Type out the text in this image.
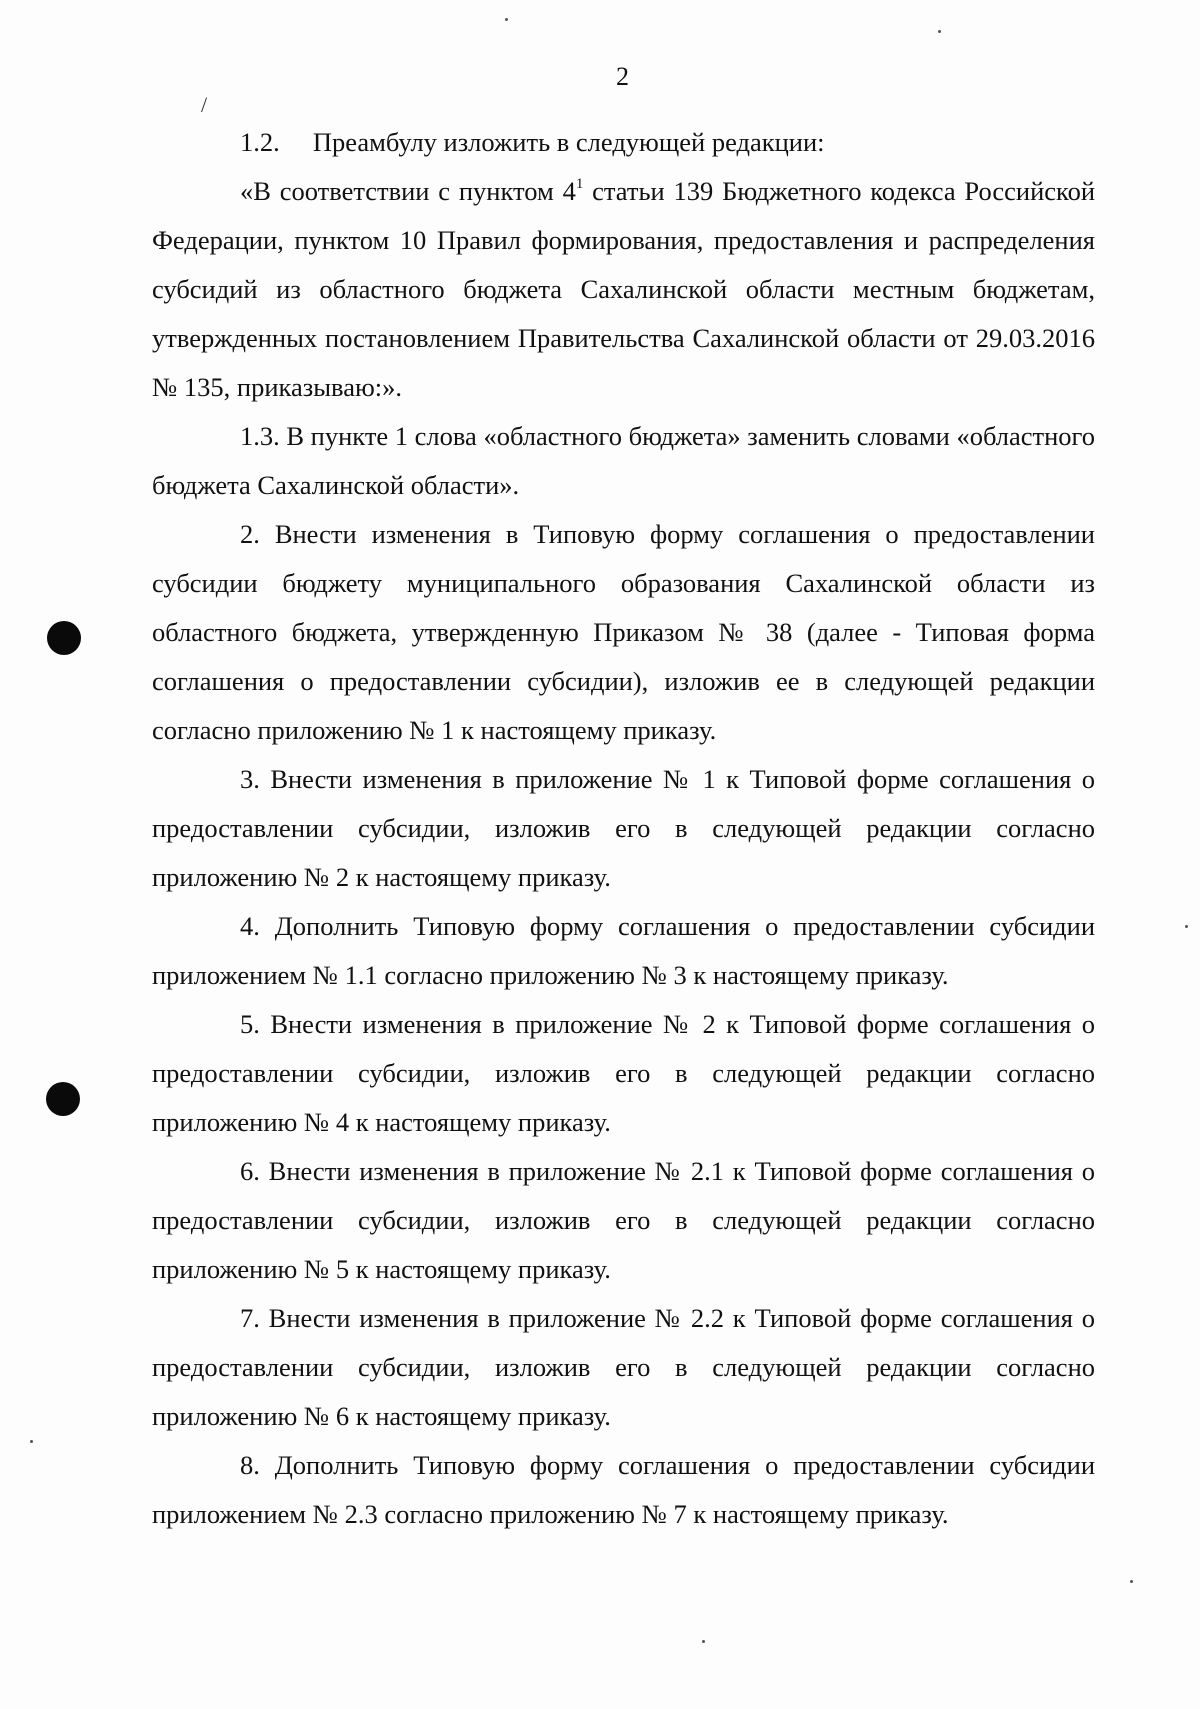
2
/

1.2.     Преамбулу изложить в следующей редакции:

«В соответствии с пунктом $4^1$ статьи 139 Бюджетного кодекса Российской Федерации, пунктом 10 Правил формирования, предоставления и распределения субсидий из областного бюджета Сахалинской области местным бюджетам, утвержденных постановлением Правительства Сахалинской области от 29.03.2016 № 135, приказываю:».

1.3. В пункте 1 слова «областного бюджета» заменить словами «областного бюджета Сахалинской области».

2. Внести изменения в Типовую форму соглашения о предоставлении субсидии бюджету муниципального образования Сахалинской области из областного бюджета, утвержденную Приказом № 38 (далее - Типовая форма соглашения о предоставлении субсидии), изложив ее в следующей редакции согласно приложению № 1 к настоящему приказу.

3. Внести изменения в приложение № 1 к Типовой форме соглашения о предоставлении субсидии, изложив его в следующей редакции согласно приложению № 2 к настоящему приказу.

4. Дополнить Типовую форму соглашения о предоставлении субсидии приложением № 1.1 согласно приложению № 3 к настоящему приказу.

5. Внести изменения в приложение № 2 к Типовой форме соглашения о предоставлении субсидии, изложив его в следующей редакции согласно приложению № 4 к настоящему приказу.

6. Внести изменения в приложение № 2.1 к Типовой форме соглашения о предоставлении субсидии, изложив его в следующей редакции согласно приложению № 5 к настоящему приказу.

7. Внести изменения в приложение № 2.2 к Типовой форме соглашения о предоставлении субсидии, изложив его в следующей редакции согласно приложению № 6 к настоящему приказу.

8. Дополнить Типовую форму соглашения о предоставлении субсидии приложением № 2.3 согласно приложению № 7 к настоящему приказу.
